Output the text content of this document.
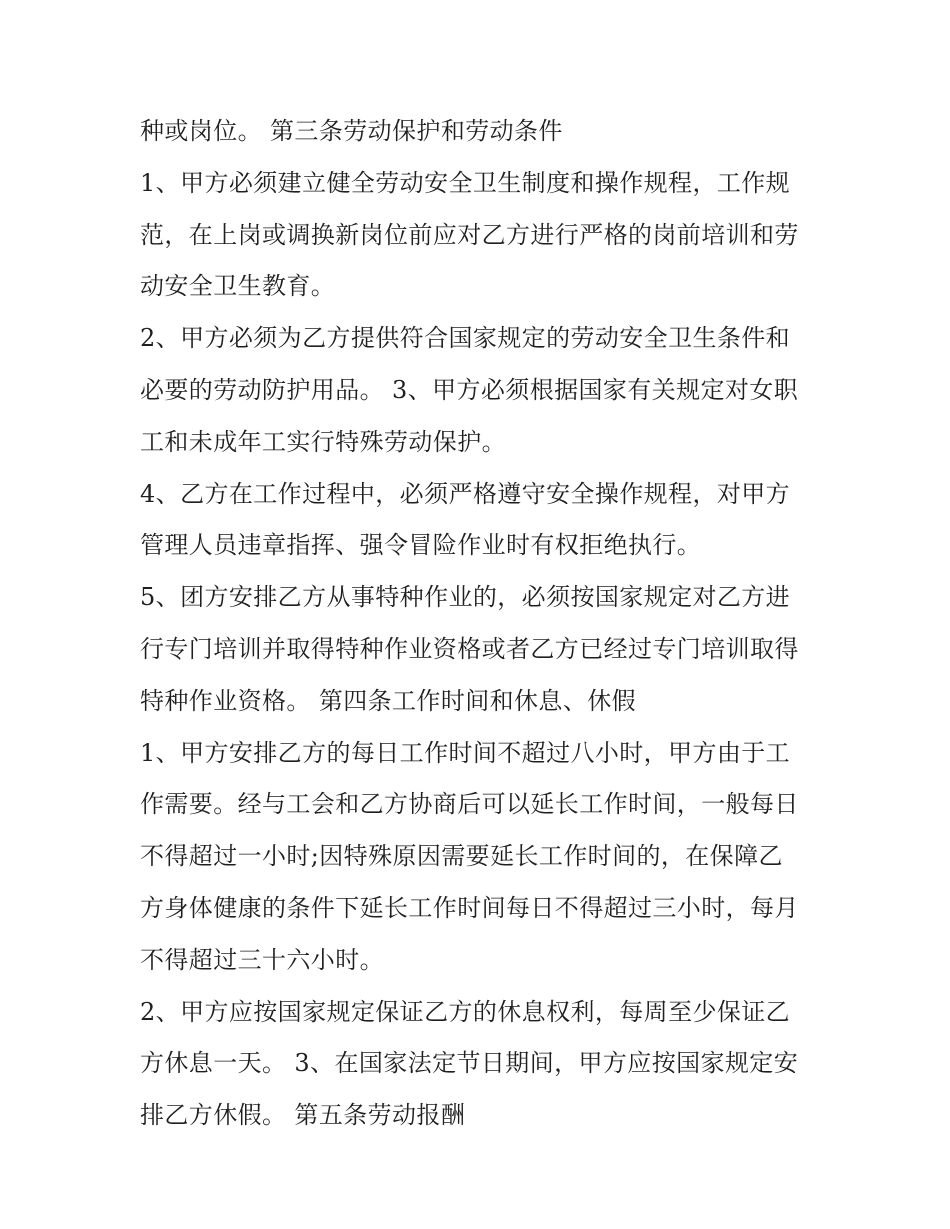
种或岗位。 第三条劳动保护和劳动条件
1、甲方必须建立健全劳动安全卫生制度和操作规程，工作规
范，在上岗或调换新岗位前应对乙方进行严格的岗前培训和劳
动安全卫生教育。
2、甲方必须为乙方提供符合国家规定的劳动安全卫生条件和
必要的劳动防护用品。 3、甲方必须根据国家有关规定对女职
工和未成年工实行特殊劳动保护。
4、乙方在工作过程中，必须严格遵守安全操作规程，对甲方
管理人员违章指挥、强令冒险作业时有权拒绝执行。
5、团方安排乙方从事特种作业的，必须按国家规定对乙方进
行专门培训并取得特种作业资格或者乙方已经过专门培训取得
特种作业资格。 第四条工作时间和休息、休假
1、甲方安排乙方的每日工作时间不超过八小时，甲方由于工
作需要。经与工会和乙方协商后可以延长工作时间，一般每日
不得超过一小时;因特殊原因需要延长工作时间的，在保障乙
方身体健康的条件下延长工作时间每日不得超过三小时，每月
不得超过三十六小时。
2、甲方应按国家规定保证乙方的休息权利，每周至少保证乙
方休息一天。 3、在国家法定节日期间，甲方应按国家规定安
排乙方休假。 第五条劳动报酬
